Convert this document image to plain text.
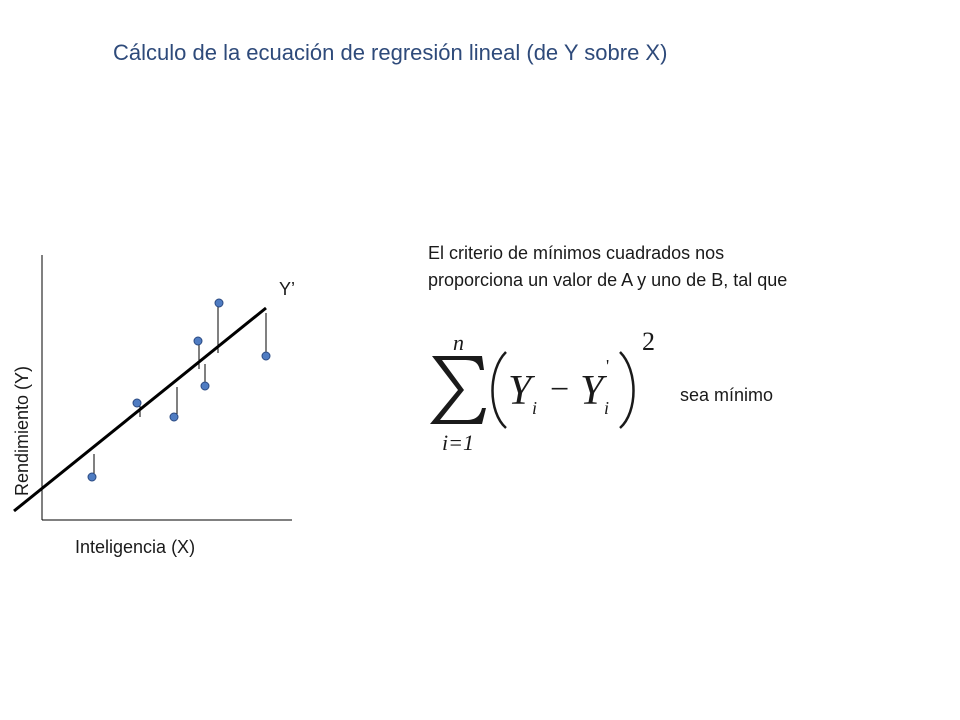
Cálculo de la ecuación de regresión lineal (de Y sobre X)
Y’
Rendimiento (Y)
Inteligencia (X)
El criterio de mínimos cuadrados nos
proporciona un valor de A y uno de B, tal que
n
i=1
Y i − Y
'
i
2
sea mínimo
